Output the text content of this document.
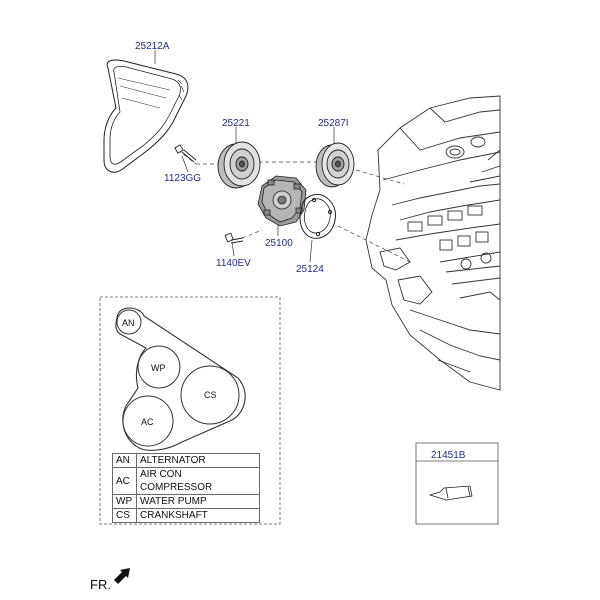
25212A
25221	25287I
1123GG
25100
1140EV
25124
AN
WP
CS
AC
AN	ALTERNATOR
AC	AIR CON COMPRESSOR
WP	WATER PUMP
CS	CRANKSHAFT
21451B
FR.
